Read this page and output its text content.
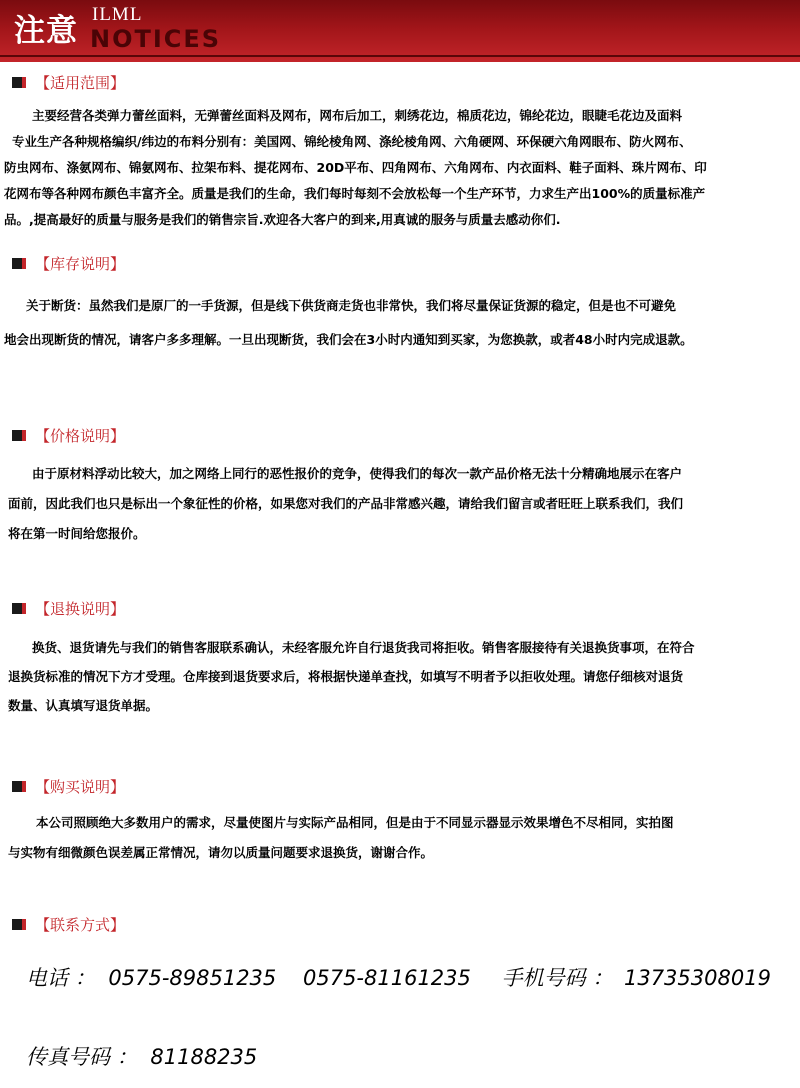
注意 ILML
NOTICES
【适用范围】
主要经营各类弹力蕾丝面料，无弹蕾丝面料及网布，网布后加工，刺绣花边，棉质花边，锦纶花边，眼睫毛花边及面料
专业生产各种规格编织/纬边的布料分别有：美国网、锦纶棱角网、涤纶棱角网、六角硬网、环保硬六角网眼布、防火网布、
防虫网布、涤氨网布、锦氨网布、拉架布料、提花网布、20D平布、四角网布、六角网布、内衣面料、鞋子面料、珠片网布、印
花网布等各种网布颜色丰富齐全。质量是我们的生命，我们每时每刻不会放松每一个生产环节，力求生产出100%的质量标准产
品。,提高最好的质量与服务是我们的销售宗旨.欢迎各大客户的到来,用真诚的服务与质量去感动你们.
【库存说明】
关于断货：虽然我们是原厂的一手货源，但是线下供货商走货也非常快，我们将尽量保证货源的稳定，但是也不可避免
地会出现断货的情况，请客户多多理解。一旦出现断货，我们会在3小时内通知到买家，为您换款，或者48小时内完成退款。
【价格说明】
由于原材料浮动比较大，加之网络上同行的恶性报价的竞争，使得我们的每次一款产品价格无法十分精确地展示在客户
面前，因此我们也只是标出一个象征性的价格，如果您对我们的产品非常感兴趣，请给我们留言或者旺旺上联系我们，我们
将在第一时间给您报价。
【退换说明】
换货、退货请先与我们的销售客服联系确认，未经客服允许自行退货我司将拒收。销售客服接待有关退换货事项，在符合
退换货标准的情况下方才受理。仓库接到退货要求后，将根据快递单查找，如填写不明者予以拒收处理。请您仔细核对退货
数量、认真填写退货单据。
【购买说明】
本公司照顾绝大多数用户的需求，尽量使图片与实际产品相同，但是由于不同显示器显示效果增色不尽相同，实拍图
与实物有细微颜色误差属正常情况，请勿以质量问题要求退换货，谢谢合作。
【联系方式】
电话 ： 0575-89851235 0575-81161235 手机号码 ： 13735308019
传真号码 ： 81188235
